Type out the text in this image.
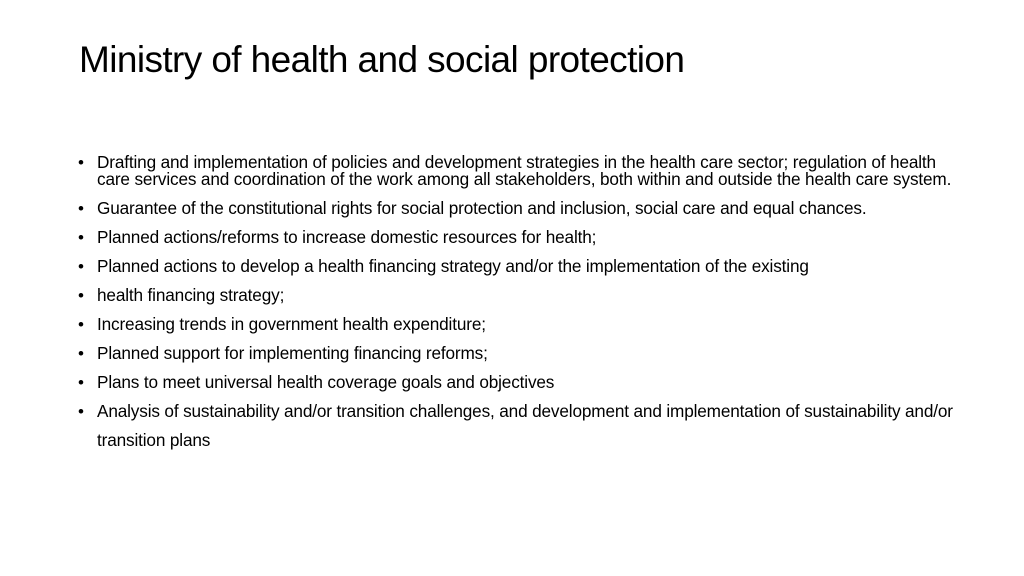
Ministry of health and social protection
• Drafting and implementation of policies and development strategies in the health care sector; regulation of health care services and coordination of the work among all stakeholders, both within and outside the health care system.
• Guarantee of the constitutional rights for social protection and inclusion, social care and equal chances.
• Planned actions/reforms to increase domestic resources for health;
• Planned actions to develop a health financing strategy and/or the implementation of the existing
• health financing strategy;
• Increasing trends in government health expenditure;
• Planned support for implementing financing reforms;
• Plans to meet universal health coverage goals and objectives
• Analysis of sustainability and/or transition challenges, and development and implementation of sustainability and/or transition plans
